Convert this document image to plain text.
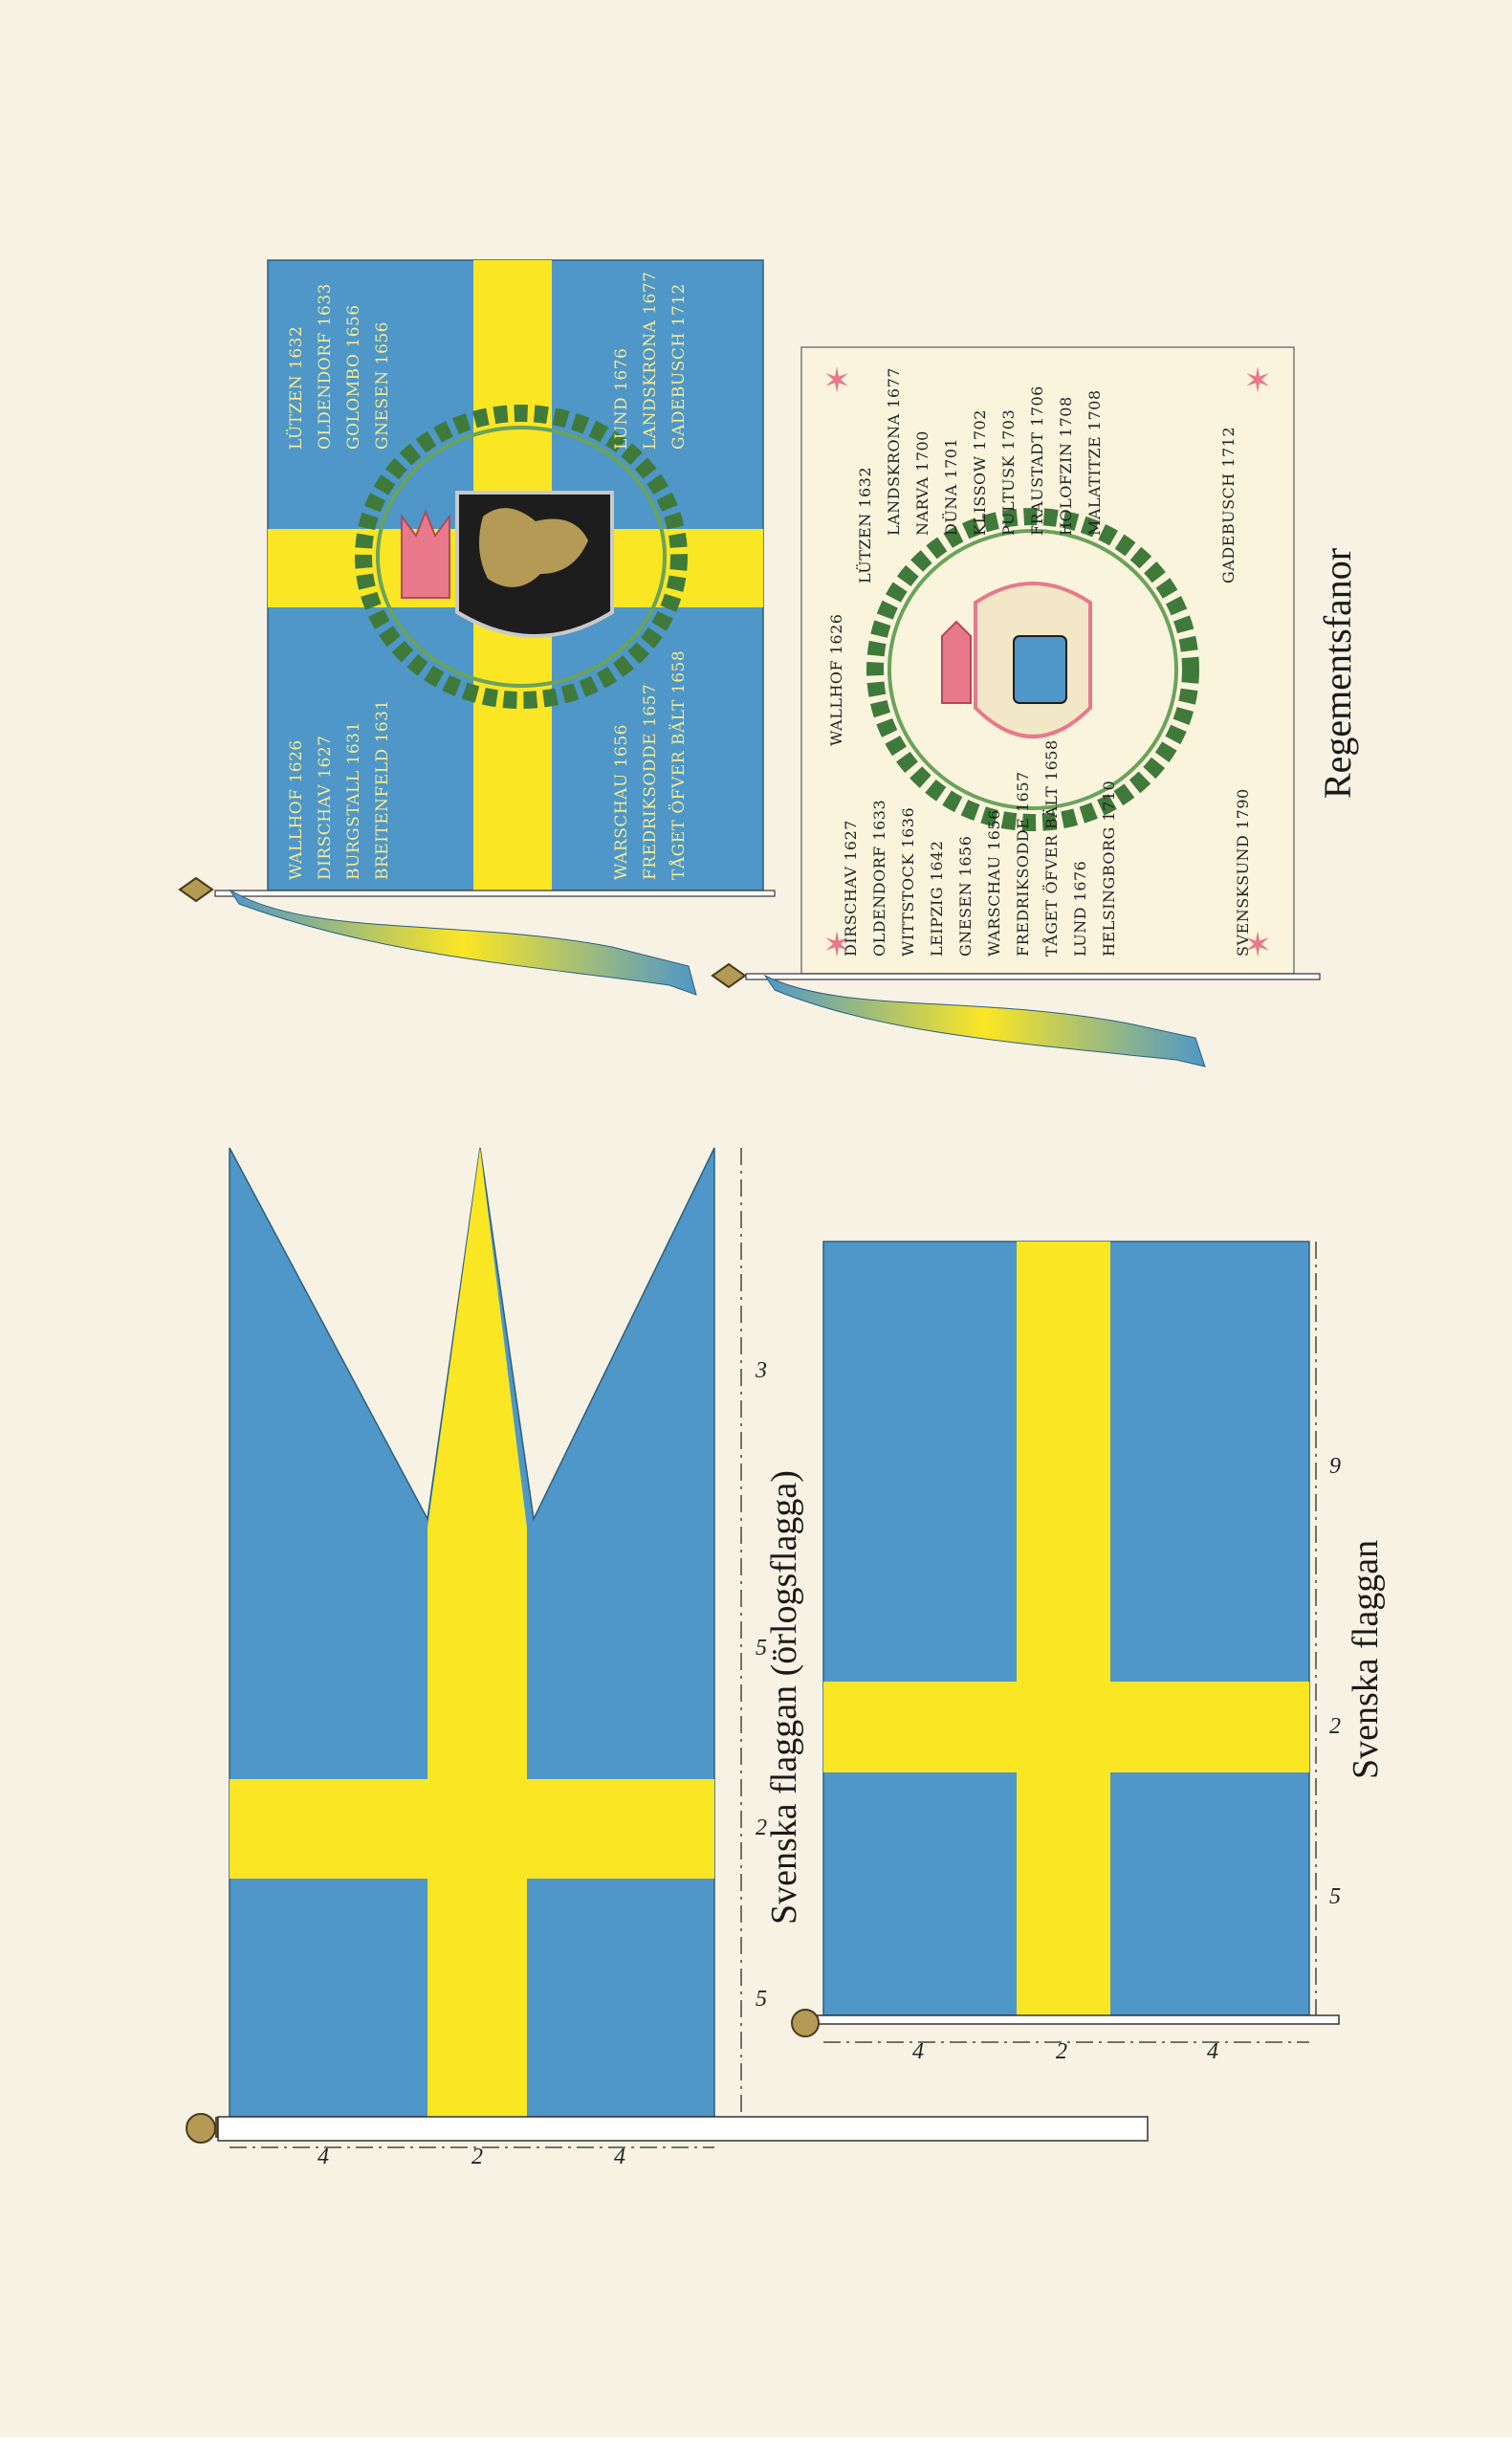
4	2	4
5
2
5
3
Svenska flaggan (örlogsflagga)
4	2	4
5
2
9
Svenska flaggan
LÜTZEN 1632 OLDENDORF 1633 GOLOMBO 1656 GNESEN 1656	LUND 1676 LANDSKRONA 1677 GADEBUSCH 1712
WALLHOF 1626 DIRSCHAV 1627 BURGSTALL 1631 BREITENFELD 1631	WARSCHAU 1656 FREDRIKSODDE 1657 TÅGET ÖFVER BÄLT 1658
✶	✶
✶	✶
WALLHOF 1626
LÜTZEN 1632 LANDSKRONA 1677 NARVA 1700 DÜNA 1701 KLISSOW 1702 PULTUSK 1703 FRAUSTADT 1706 HOLOFZIN 1708 MALATITZE 1708	GADEBUSCH 1712
DIRSCHAV 1627 OLDENDORF 1633 WITTSTOCK 1636 LEIPZIG 1642 GNESEN 1656 WARSCHAU 1656 FREDRIKSODDE 1657 TÅGET ÖFVER BÄLT 1658 LUND 1676 HELSINGBORG 1710	SVENSKSUND 1790
Regementsfanor
